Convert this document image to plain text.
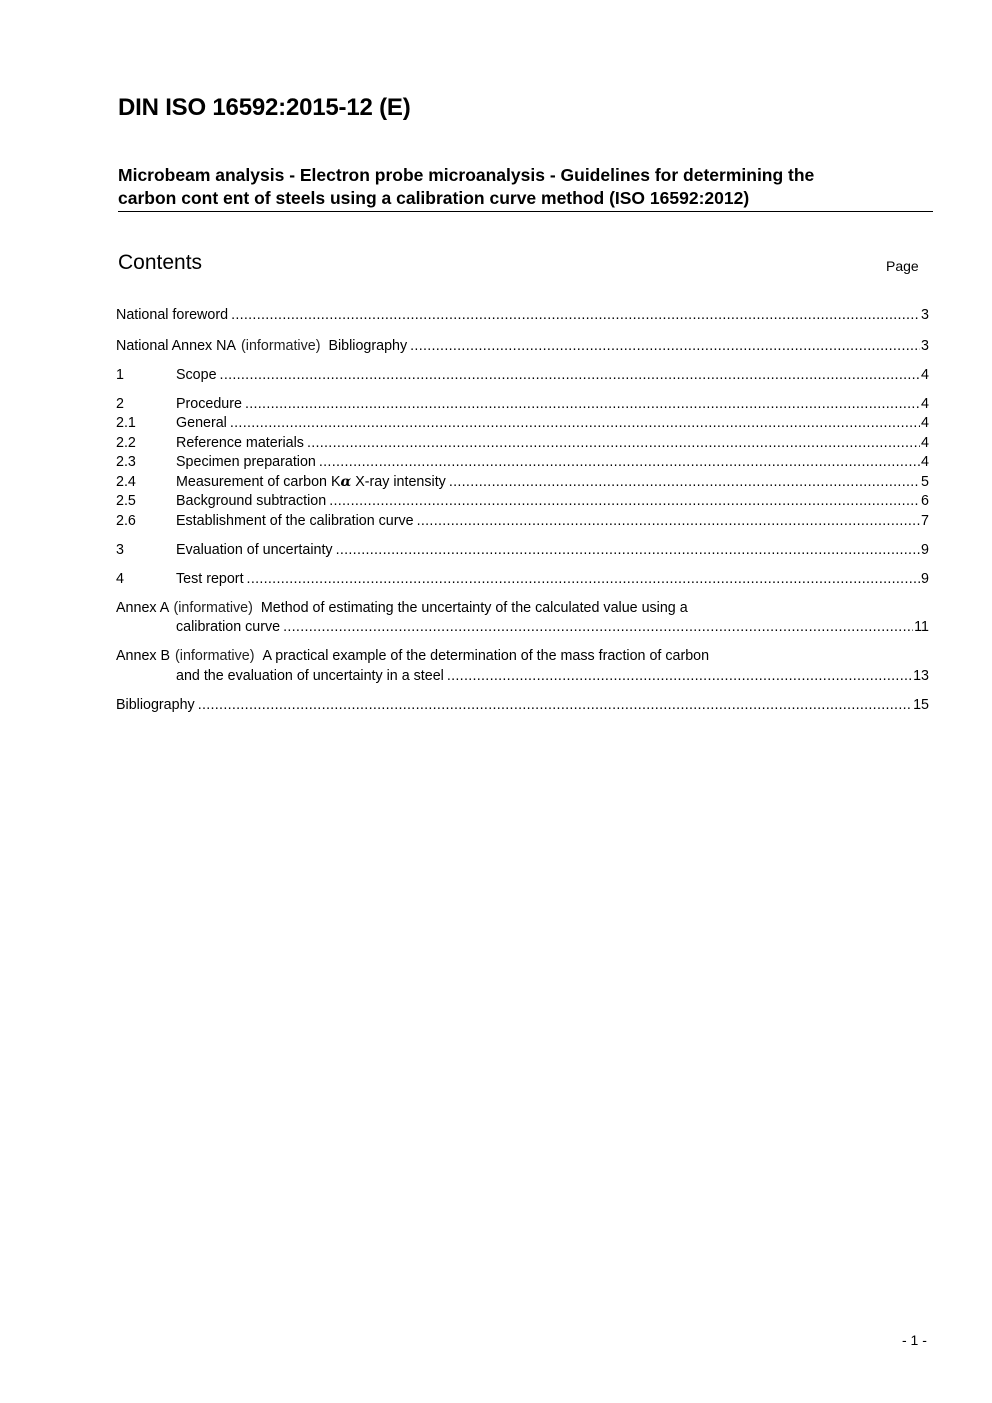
DIN ISO 16592:2015-12 (E)
Microbeam analysis - Electron probe microanalysis - Guidelines for determining the
carbon cont ent of steels using a calibration curve method (ISO 16592:2012)
Contents	Page
National foreword .....	3
National Annex NA (informative) Bibliography .....	3
1	Scope .....	4
2	Procedure .....	4
2.1	General .....	4
2.2	Reference materials .....	4
2.3	Specimen preparation .....	4
2.4	Measurement of carbon Kα X-ray intensity .....	5
2.5	Background subtraction .....	6
2.6	Establishment of the calibration curve .....	7
3	Evaluation of uncertainty .....	9
4	Test report .....	9
Annex A (informative) Method of estimating the uncertainty of the calculated value using a
calibration curve .....	11
Annex B (informative) A practical example of the determination of the mass fraction of carbon
and the evaluation of uncertainty in a steel .....	13
Bibliography .....	15
- 1 -
